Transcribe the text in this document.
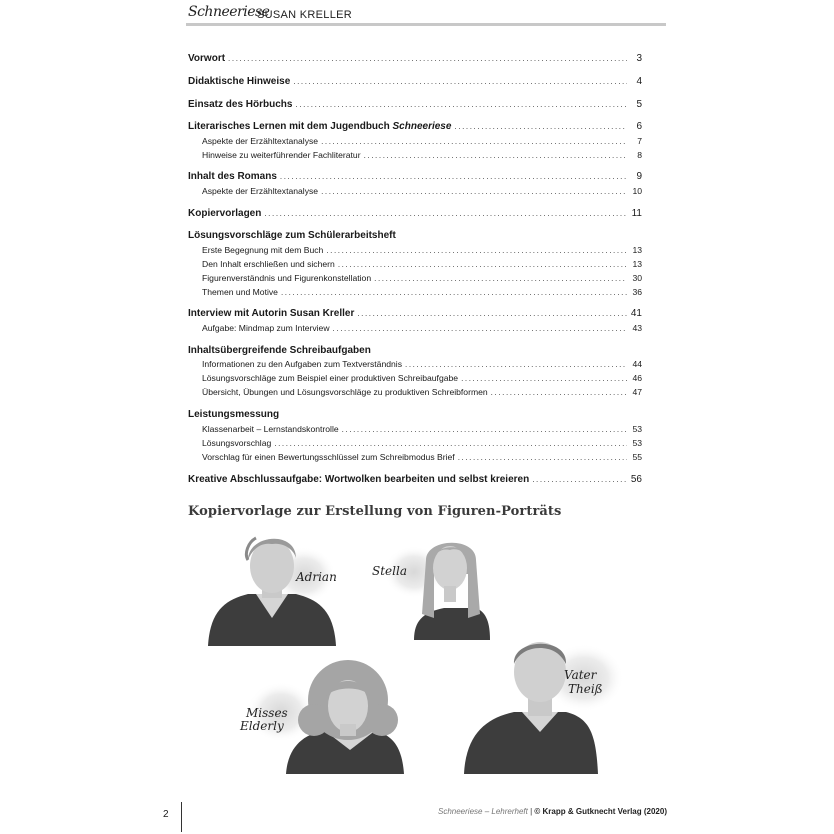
Schneeriese
SUSAN KRELLER
Vorwort .....	3
Didaktische Hinweise .....	4
Einsatz des Hörbuchs .....	5
Literarisches Lernen mit dem Jugendbuch Schneeriese .....	6
Aspekte der Erzähltextanalyse .....	7
Hinweise zu weiterführender Fachliteratur .....	8
Inhalt des Romans .....	9
Aspekte der Erzähltextanalyse .....	10
Kopiervorlagen .....	11
Lösungsvorschläge zum Schülerarbeitsheft
Erste Begegnung mit dem Buch .....	13
Den Inhalt erschließen und sichern .....	13
Figurenverständnis und Figurenkonstellation .....	30
Themen und Motive .....	36
Interview mit Autorin Susan Kreller .....	41
Aufgabe: Mindmap zum Interview .....	43
Inhaltsübergreifende Schreibaufgaben
Informationen zu den Aufgaben zum Textverständnis .....	44
Lösungsvorschläge zum Beispiel einer produktiven Schreibaufgabe .....	46
Übersicht, Übungen und Lösungsvorschläge zu produktiven Schreibformen .....	47
Leistungsmessung
Klassenarbeit – Lernstandskontrolle .....	53
Lösungsvorschlag .....	53
Vorschlag für einen Bewertungsschlüssel zum Schreibmodus Brief .....	55
Kreative Abschlussaufgabe: Wortwolken bearbeiten und selbst kreieren .....	56
Kopiervorlage zur Erstellung von Figuren-Porträts
Adrian	Stella
Misses
Elderly
Vater
Theiß
2	Schneeriese – Lehrerheft | © Krapp & Gutknecht Verlag (2020)
